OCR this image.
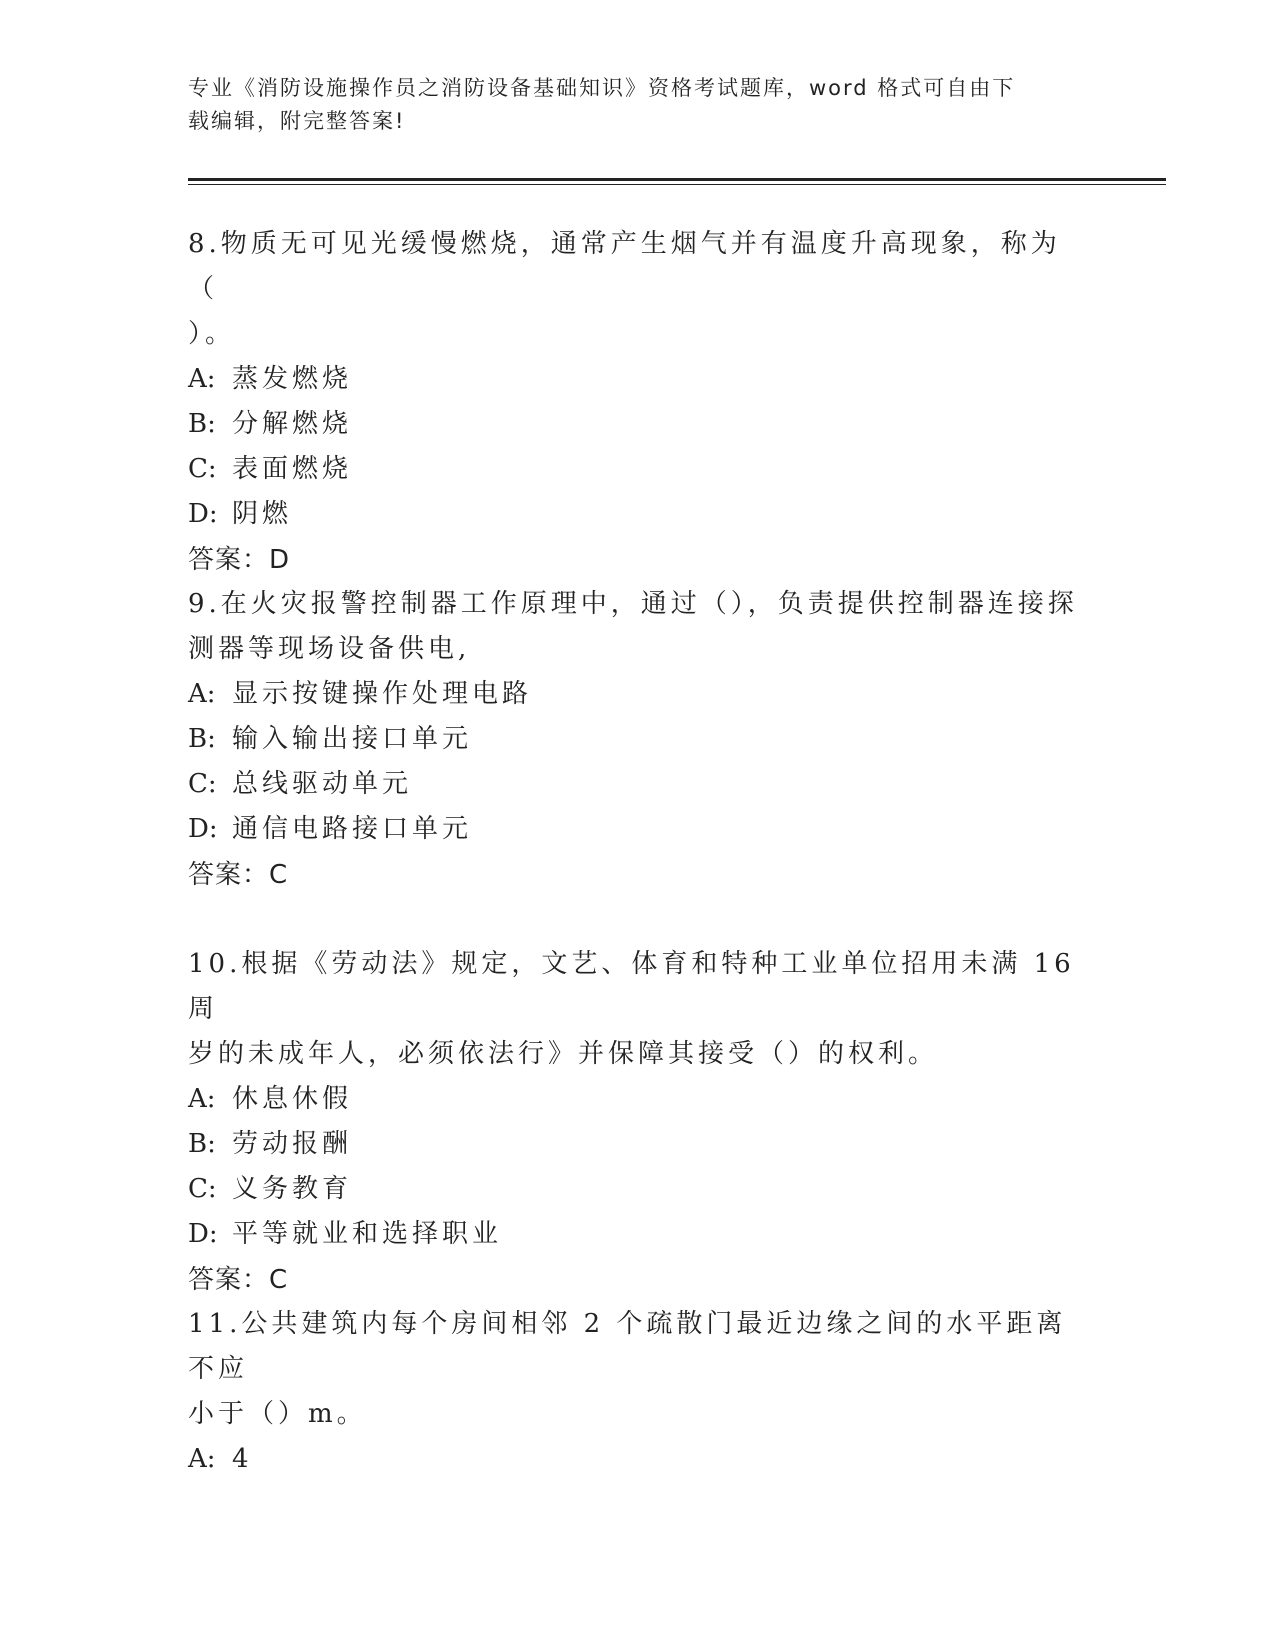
专业《消防设施操作员之消防设备基础知识》资格考试题库，word 格式可自由下
载编辑，附完整答案!

8.物质无可见光缓慢燃烧，通常产生烟气并有温度升高现象，称为（

）。

A: 蒸发燃烧

B: 分解燃烧

C: 表面燃烧

D: 阴燃

答案：D

9.在火灾报警控制器工作原理中，通过（），负责提供控制器连接探

测器等现场设备供电,

A: 显示按键操作处理电路

B: 输入输出接口单元

C: 总线驱动单元

D: 通信电路接口单元

答案：C

10.根据《劳动法》规定，文艺、体育和特种工业单位招用未满 16 周

岁的未成年人，必须依法行》并保障其接受（）的权利。

A: 休息休假

B: 劳动报酬

C: 义务教育

D: 平等就业和选择职业

答案：C

11.公共建筑内每个房间相邻 2 个疏散门最近边缘之间的水平距离不应

小于（）m。

A: 4
